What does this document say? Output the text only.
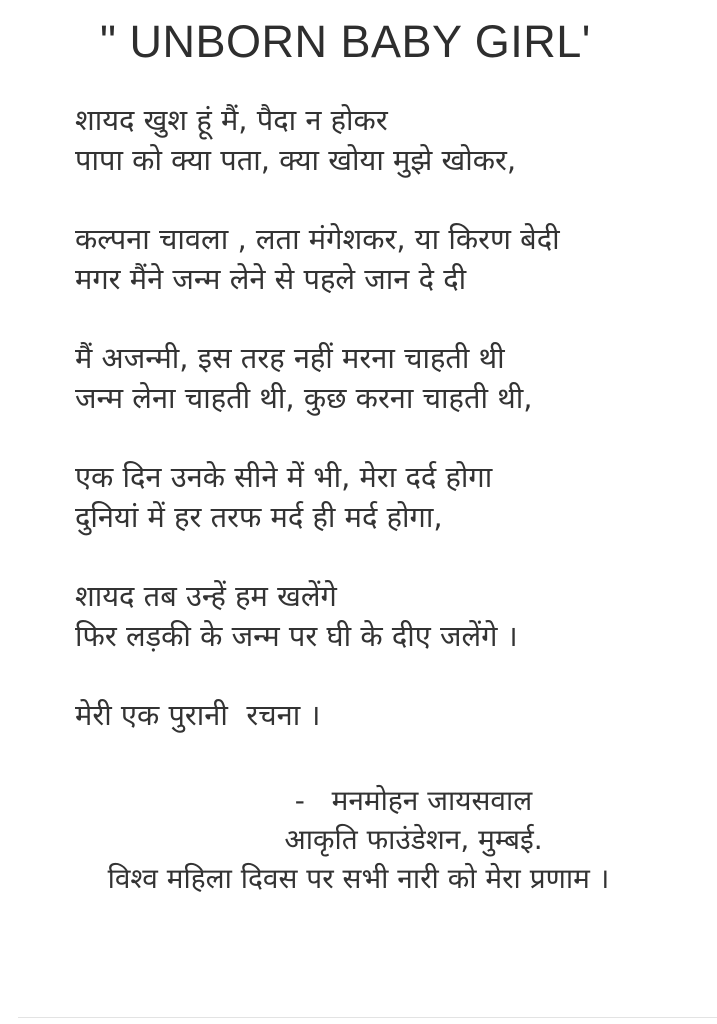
" UNBORN BABY GIRL'
शायद खुश हूं मैं, पैदा न होकर
पापा को क्या पता, क्या खोया मुझे खोकर,
कल्पना चावला , लता मंगेशकर, या किरण बेदी
मगर मैंने जन्म लेने से पहले जान दे दी
मैं अजन्मी, इस तरह नहीं मरना चाहती थी
जन्म लेना चाहती थी, कुछ करना चाहती थी,
एक दिन उनके सीने में भी, मेरा दर्द होगा
दुनियां में हर तरफ मर्द ही मर्द होगा,
शायद तब उन्हें हम खलेंगे
फिर लड़की के जन्म पर घी के दीए जलेंगे ।
मेरी एक पुरानी  रचना ।
-   मनमोहन जायसवाल
आकृति फाउंडेशन, मुम्बई.
विश्व महिला दिवस पर सभी नारी को मेरा प्रणाम ।
